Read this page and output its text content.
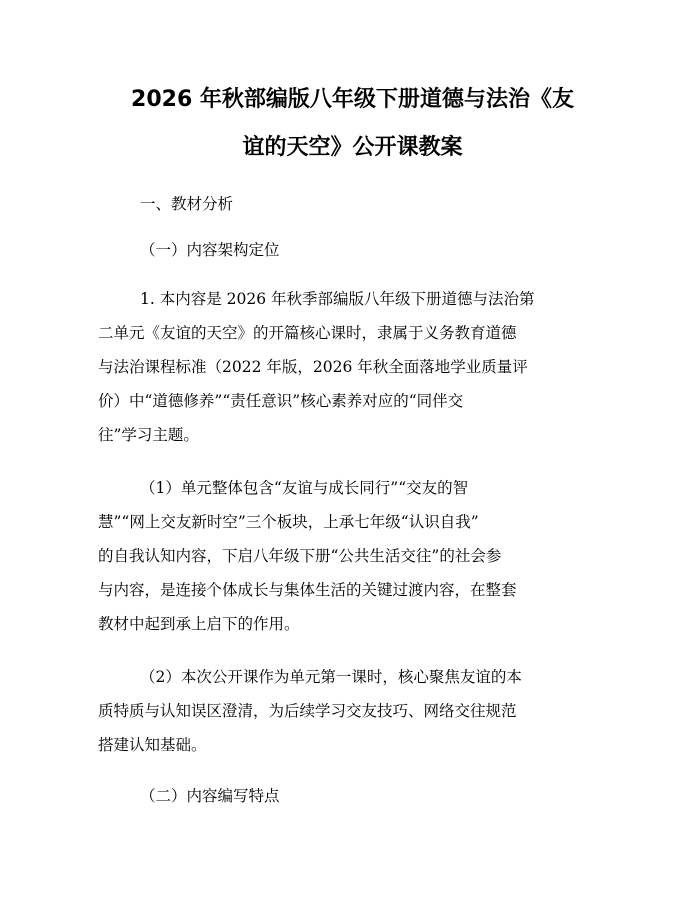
2026 年秋部编版八年级下册道德与法治《友
谊的天空》公开课教案

一、教材分析

（一）内容架构定位

1. 本内容是 2026 年秋季部编版八年级下册道德与法治第
二单元《友谊的天空》的开篇核心课时，隶属于义务教育道德
与法治课程标准（2022 年版，2026 年秋全面落地学业质量评
价）中“道德修养”“责任意识”核心素养对应的“同伴交
往”学习主题。
（1）单元整体包含“友谊与成长同行”“交友的智
慧”“网上交友新时空”三个板块，上承七年级“认识自我”
的自我认知内容，下启八年级下册“公共生活交往”的社会参
与内容，是连接个体成长与集体生活的关键过渡内容，在整套
教材中起到承上启下的作用。
（2）本次公开课作为单元第一课时，核心聚焦友谊的本
质特质与认知误区澄清，为后续学习交友技巧、网络交往规范
搭建认知基础。

（二）内容编写特点
